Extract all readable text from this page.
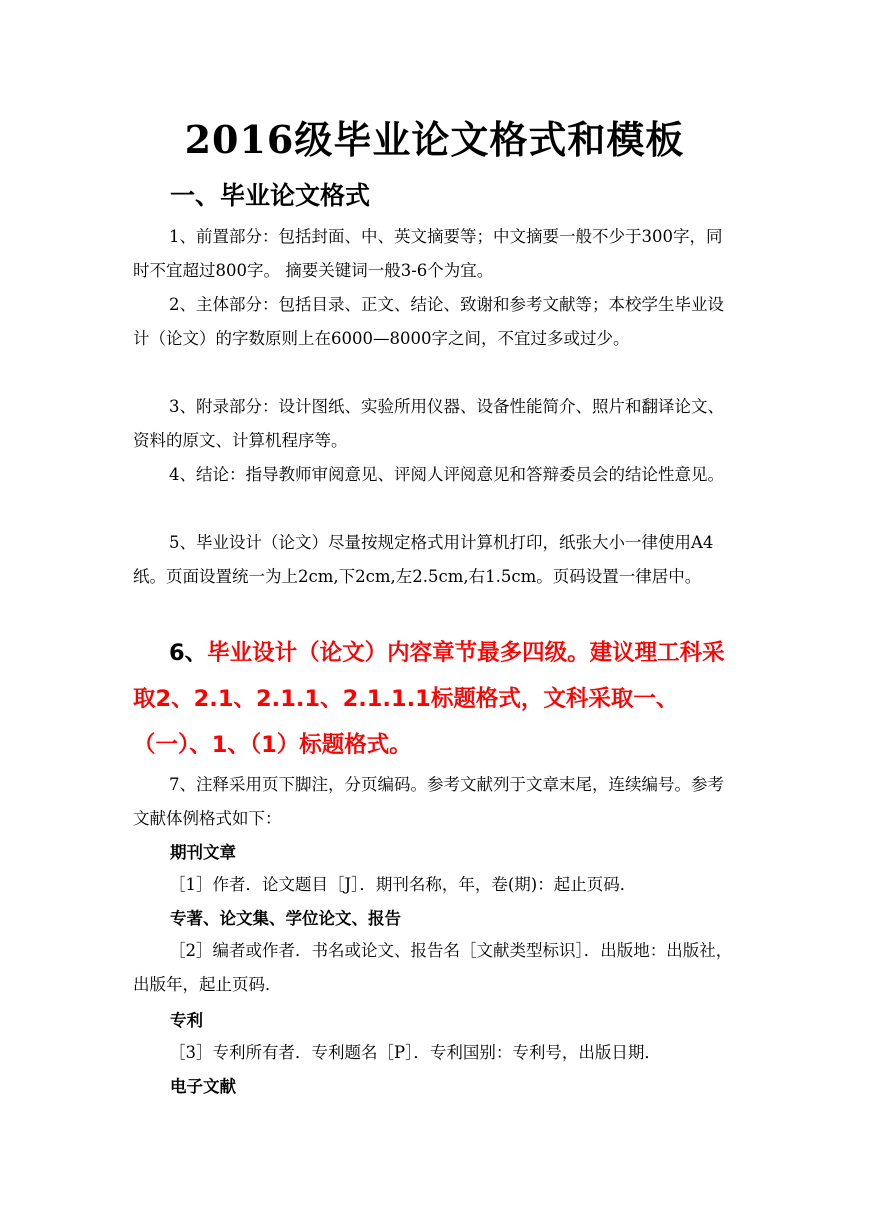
2016级毕业论文格式和模板
一、毕业论文格式
1、前置部分：包括封面、中、英文摘要等；中文摘要一般不少于300字，同时不宜超过800字。 摘要关键词一般3-6个为宜。
2、主体部分：包括目录、正文、结论、致谢和参考文献等；本校学生毕业设计（论文）的字数原则上在6000—8000字之间，不宜过多或过少。
3、附录部分：设计图纸、实验所用仪器、设备性能简介、照片和翻译论文、资料的原文、计算机程序等。
4、结论：指导教师审阅意见、评阅人评阅意见和答辩委员会的结论性意见。
5、毕业设计（论文）尽量按规定格式用计算机打印，纸张大小一律使用A4纸。页面设置统一为上2cm,下2cm,左2.5cm,右1.5cm。页码设置一律居中。
6、毕业设计（论文）内容章节最多四级。建议理工科采取2、2.1、2.1.1、2.1.1.1标题格式，文科采取一、（一）、1、（1）标题格式。
7、注释采用页下脚注，分页编码。参考文献列于文章末尾，连续编号。参考文献体例格式如下：
期刊文章
［1］作者．论文题目［J］．期刊名称，年，卷(期)：起止页码．
专著、论文集、学位论文、报告
［2］编者或作者．书名或论文、报告名［文献类型标识］．出版地：出版社，出版年，起止页码．
专利
［3］专利所有者．专利题名［P］．专利国别：专利号，出版日期．
电子文献
